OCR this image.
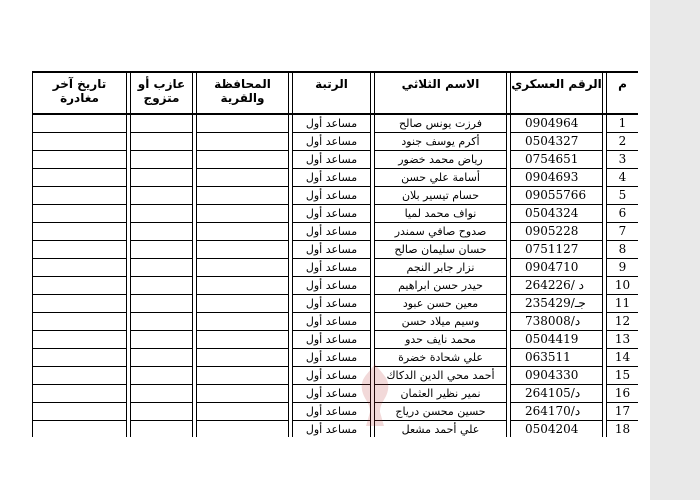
م		الرقم العسكري		الاسم الثلاثي		الرتبة		المحافظة والقرية		عازب أو متزوج		تاريخ آخر مغادرة

1		0904964		فرزت يونس صالح		مساعد أول						
2		0504327		أكرم يوسف جنود		مساعد أول						
3		0754651		رياض محمد خضور		مساعد أول						
4		0904693		أسامة علي حسن		مساعد أول						
5		09055766		حسام تيسير بلان		مساعد أول						
6		0504324		نواف محمد لميا		مساعد أول						
7		0905228		صدوح صافي سمندر		مساعد أول						
8		0751127		حسان سليمان صالح		مساعد أول						
9		0904710		نزار جابر النجم		مساعد أول						
10		264226/ د		حيدر حسن ابراهيم		مساعد أول						
11		235429/جـ		معين حسن عبود		مساعد أول						
12		738008/د		وسيم ميلاد حسن		مساعد أول						
13		0504419		محمد نايف حدو		مساعد أول						
14		063511		علي شحادة خضرة		مساعد أول						
15		0904330		أحمد محي الدين الدكاك		مساعد أول						
16		264105/د		نمير نظير العثمان		مساعد أول						
17		264170/د		حسين محسن درياج		مساعد أول						
18		0504204		علي أحمد مشعل		مساعد أول						
